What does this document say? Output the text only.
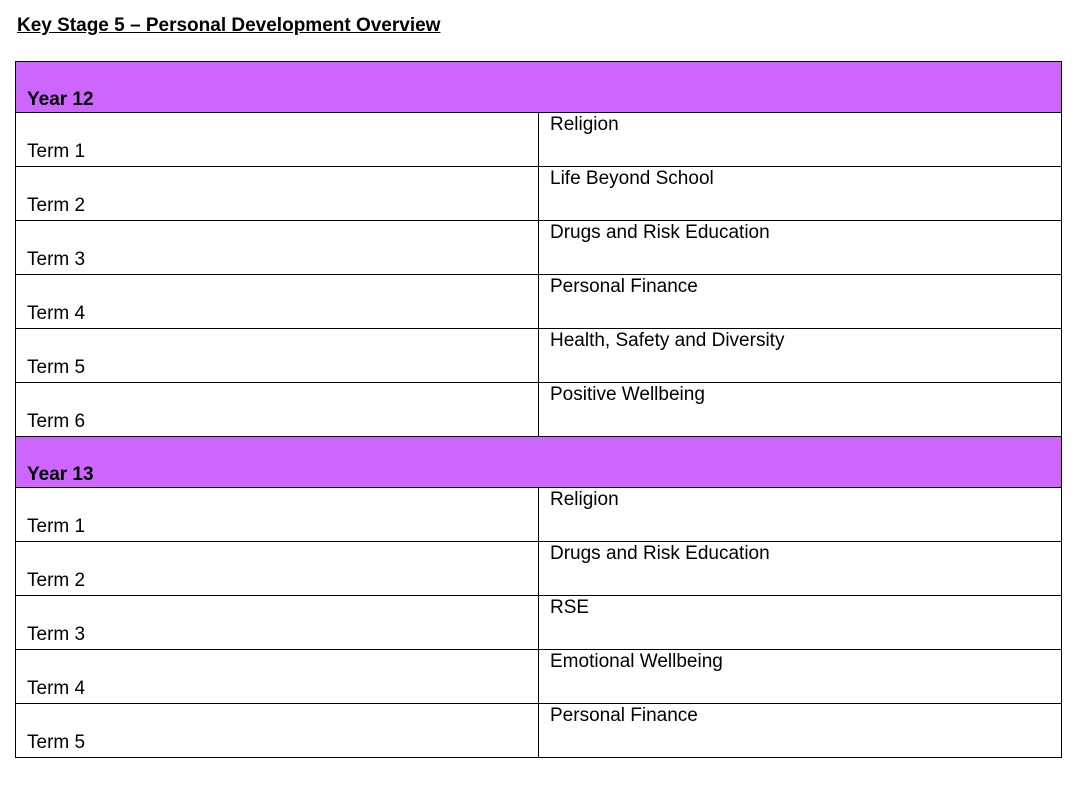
Key Stage 5 – Personal Development Overview
Year 12	
Term 1	Religion
Term 2	Life Beyond School
Term 3	Drugs and Risk Education
Term 4	Personal Finance
Term 5	Health, Safety and Diversity
Term 6	Positive Wellbeing
Year 13	
Term 1	Religion
Term 2	Drugs and Risk Education
Term 3	RSE
Term 4	Emotional Wellbeing
Term 5	Personal Finance
